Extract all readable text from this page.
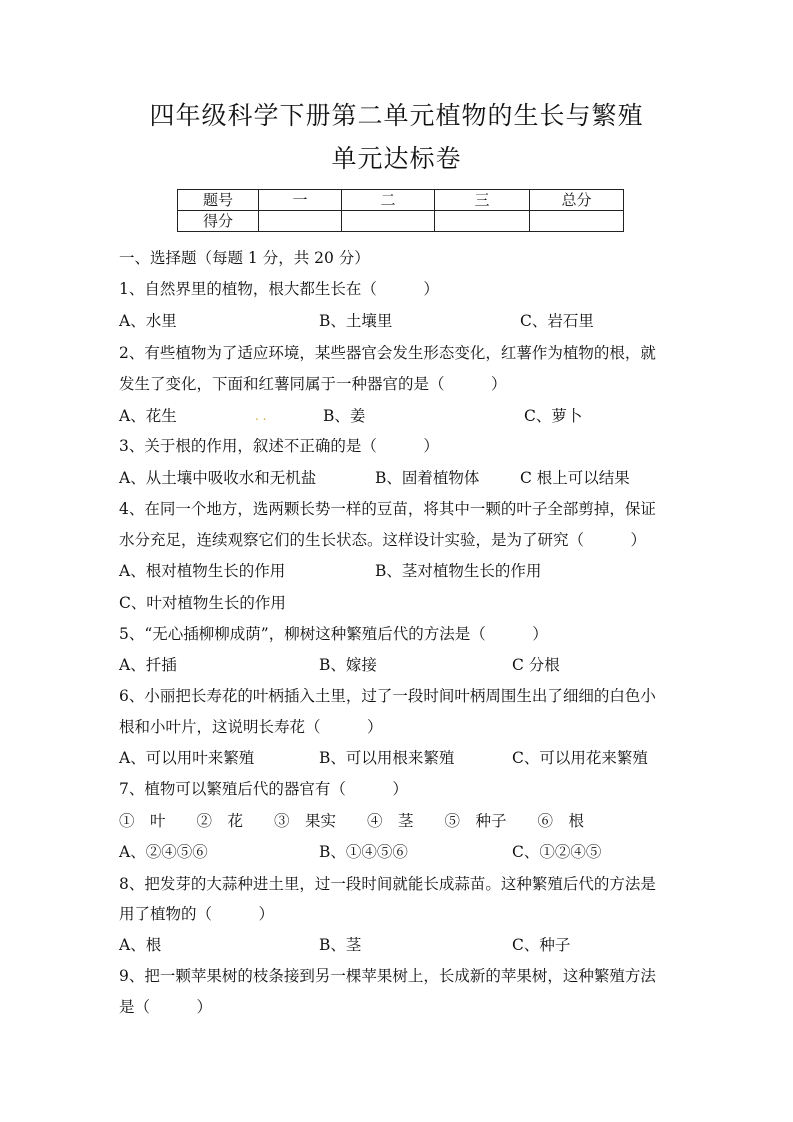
四年级科学下册第二单元植物的生长与繁殖
单元达标卷
题号	一	二	三	总分
得分				
一、选择题（每题 1 分，共 20 分）
1、自然界里的植物，根大都生长在（　　　）
A、水里	B、土壤里	C、岩石里
2、有些植物为了适应环境，某些器官会发生形态变化，红薯作为植物的根，就
发生了变化，下面和红薯同属于一种器官的是（　　　）
A、花生	. .	B、姜	C、萝卜
3、关于根的作用，叙述不正确的是（　　　）
A、从土壤中吸收水和无机盐	B、固着植物体	C 根上可以结果
4、在同一个地方，选两颗长势一样的豆苗，将其中一颗的叶子全部剪掉，保证
水分充足，连续观察它们的生长状态。这样设计实验，是为了研究（　　　）
A、根对植物生长的作用	B、茎对植物生长的作用
C、叶对植物生长的作用
5、“无心插柳柳成荫”，柳树这种繁殖后代的方法是（　　　）
A、扦插	B、嫁接	C 分根
6、小丽把长寿花的叶柄插入土里，过了一段时间叶柄周围生出了细细的白色小
根和小叶片，这说明长寿花（　　　）
A、可以用叶来繁殖	B、可以用根来繁殖	C、可以用花来繁殖
7、植物可以繁殖后代的器官有（　　　）
①　叶　　②　花　　③　果实　　④　茎　　⑤　种子　　⑥　根
A、②④⑤⑥	B、①④⑤⑥	C、①②④⑤
8、把发芽的大蒜种进土里，过一段时间就能长成蒜苗。这种繁殖后代的方法是
用了植物的（　　　）
A、根	B、茎	C、种子
9、把一颗苹果树的枝条接到另一棵苹果树上，长成新的苹果树，这种繁殖方法
是（　　　）
